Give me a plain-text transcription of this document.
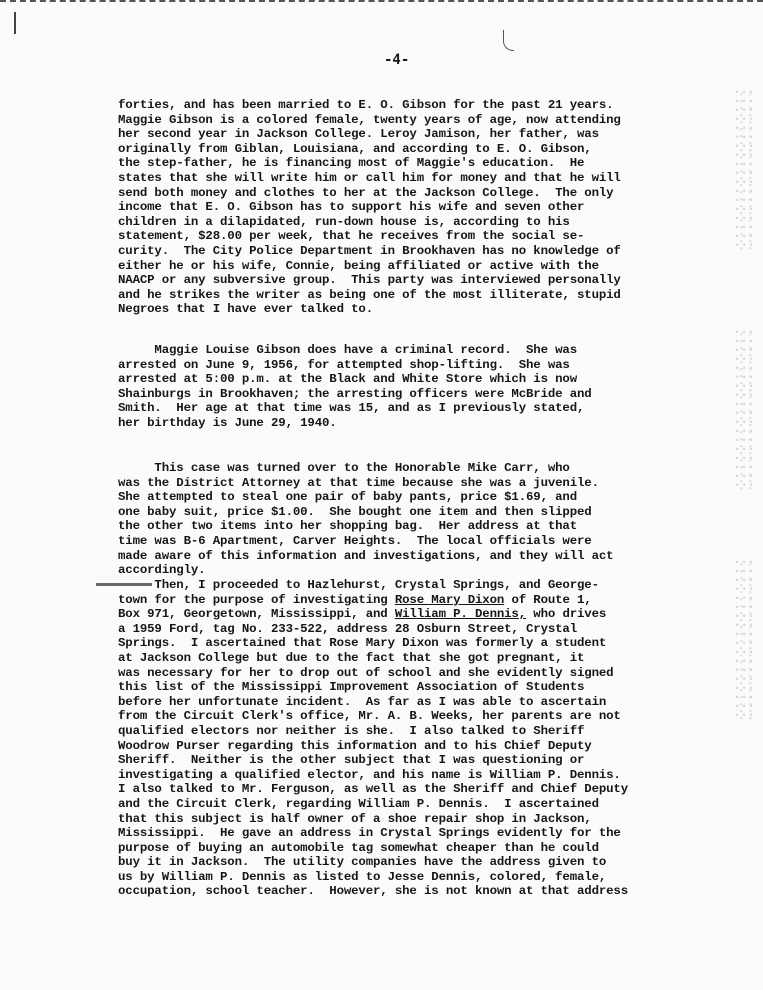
-4-

forties, and has been married to E. O. Gibson for the past 21 years.
Maggie Gibson is a colored female, twenty years of age, now attending
her second year in Jackson College. Leroy Jamison, her father, was
originally from Giblan, Louisiana, and according to E. O. Gibson,
the step-father, he is financing most of Maggie's education.  He
states that she will write him or call him for money and that he will
send both money and clothes to her at the Jackson College.  The only
income that E. O. Gibson has to support his wife and seven other
children in a dilapidated, run-down house is, according to his
statement, $28.00 per week, that he receives from the social se-
curity.  The City Police Department in Brookhaven has no knowledge of
either he or his wife, Connie, being affiliated or active with the
NAACP or any subversive group.  This party was interviewed personally
and he strikes the writer as being one of the most illiterate, stupid
Negroes that I have ever talked to.

Maggie Louise Gibson does have a criminal record.  She was
arrested on June 9, 1956, for attempted shop-lifting.  She was
arrested at 5:00 p.m. at the Black and White Store which is now
Shainburgs in Brookhaven; the arresting officers were McBride and
Smith.  Her age at that time was 15, and as I previously stated,
her birthday is June 29, 1940.

This case was turned over to the Honorable Mike Carr, who
was the District Attorney at that time because she was a juvenile.
She attempted to steal one pair of baby pants, price $1.69, and
one baby suit, price $1.00.  She bought one item and then slipped
the other two items into her shopping bag.  Her address at that
time was B-6 Apartment, Carver Heights.  The local officials were
made aware of this information and investigations, and they will act
accordingly.

Then, I proceeded to Hazlehurst, Crystal Springs, and George-
town for the purpose of investigating Rose Mary Dixon of Route 1,
Box 971, Georgetown, Mississippi, and William P. Dennis, who drives
a 1959 Ford, tag No. 233-522, address 28 Osburn Street, Crystal
Springs.  I ascertained that Rose Mary Dixon was formerly a student
at Jackson College but due to the fact that she got pregnant, it
was necessary for her to drop out of school and she evidently signed
this list of the Mississippi Improvement Association of Students
before her unfortunate incident.  As far as I was able to ascertain
from the Circuit Clerk's office, Mr. A. B. Weeks, her parents are not
qualified electors nor neither is she.  I also talked to Sheriff
Woodrow Purser regarding this information and to his Chief Deputy
Sheriff.  Neither is the other subject that I was questioning or
investigating a qualified elector, and his name is William P. Dennis.
I also talked to Mr. Ferguson, as well as the Sheriff and Chief Deputy
and the Circuit Clerk, regarding William P. Dennis.  I ascertained
that this subject is half owner of a shoe repair shop in Jackson,
Mississippi.  He gave an address in Crystal Springs evidently for the
purpose of buying an automobile tag somewhat cheaper than he could
buy it in Jackson.  The utility companies have the address given to
us by William P. Dennis as listed to Jesse Dennis, colored, female,
occupation, school teacher.  However, she is not known at that address
